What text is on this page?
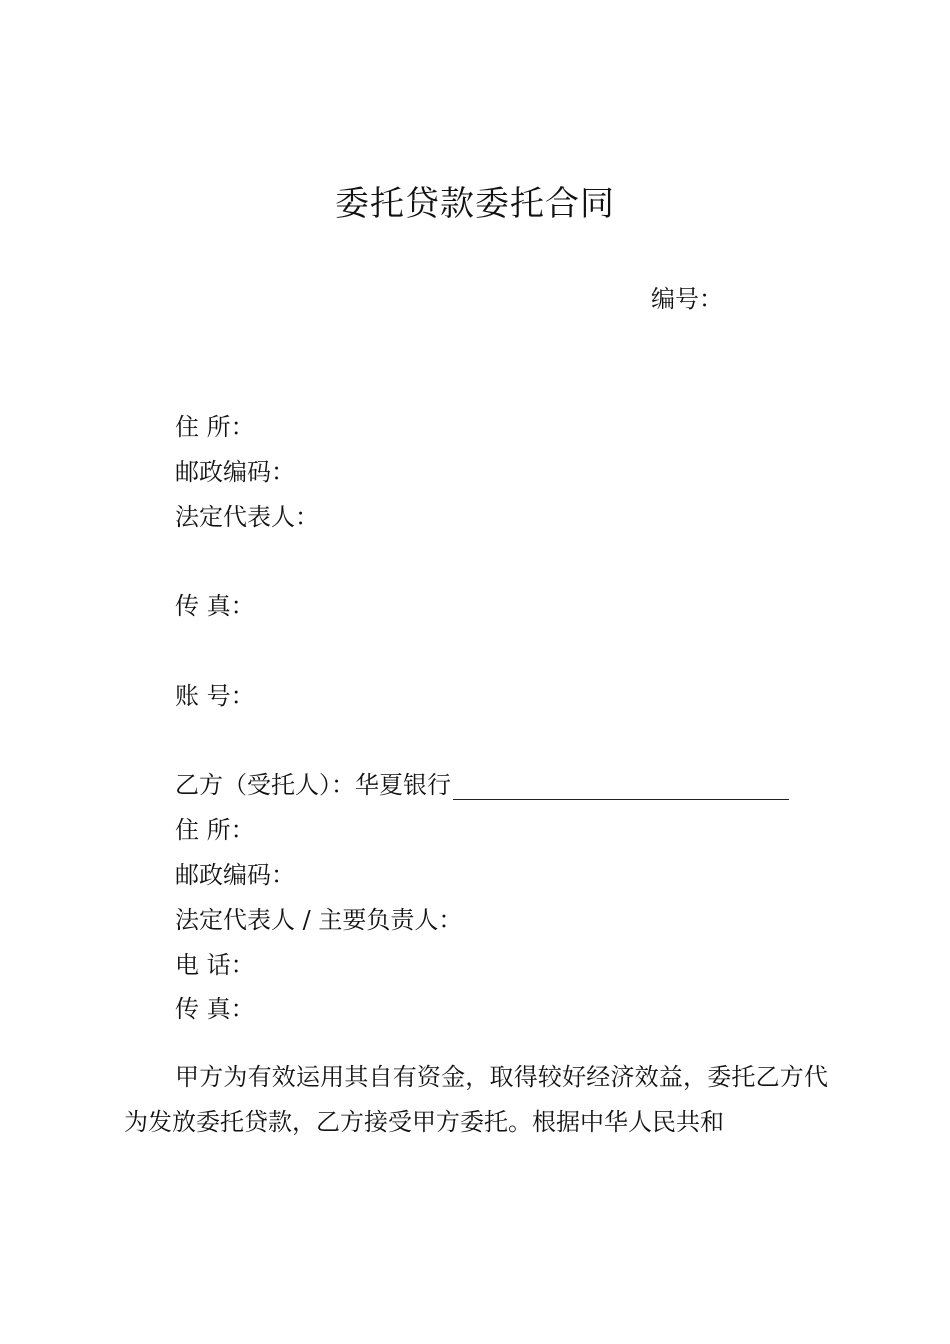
委托贷款委托合同
编号：
住 所：
邮政编码：
法定代表人：
传 真：
账 号：
乙方（受托人）：华夏银行
住 所：
邮政编码：
法定代表人 / 主要负责人：
电 话：
传 真：
甲方为有效运用其自有资金，取得较好经济效益，委托乙方代为发放委托贷款，乙方接受甲方委托。根据中华人民共和
